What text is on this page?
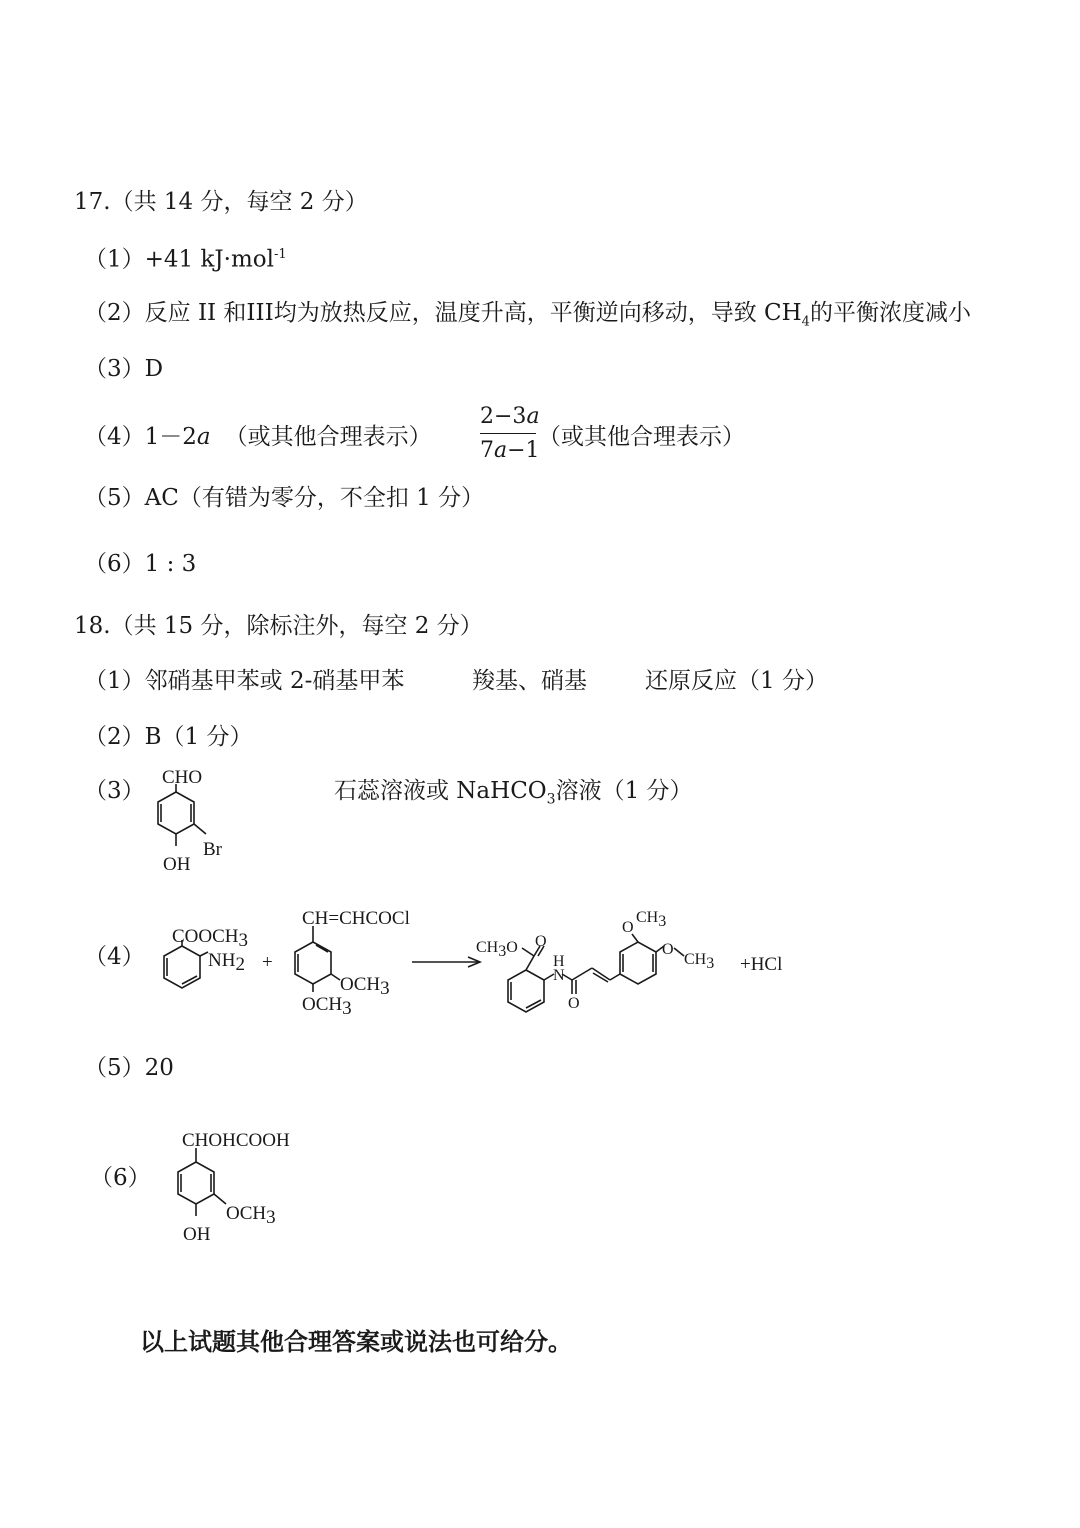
17.（共 14 分，每空 2 分）
（1）+41 kJ·mol$^{-1}$
（2）反应 II 和III均为放热反应，温度升高，平衡逆向移动，导致 $CH_4$的平衡浓度减小
（3）D
（4）1－2a （或其他合理表示）
2−3a
7a−1
（或其他合理表示）
（5）AC（有错为零分，不全扣 1 分）
（6）1 : 3
18.（共 15 分，除标注外，每空 2 分）
（1）邻硝基甲苯或 2-硝基甲苯	羧基、硝基	还原反应（1 分）
（2）B（1 分）
（3）
CHO
Br
OH
石蕊溶液或 NaHCO$_3$溶液（1 分）
（4）
COOCH3
NH2 +
CH=CHCOCl
OCH3
OCH3
CH3O O
H
N
O
O
CH3
O
CH3 +HCl
（5）20
（6）
CHOHCOOH
OCH3
OH
以上试题其他合理答案或说法也可给分。
